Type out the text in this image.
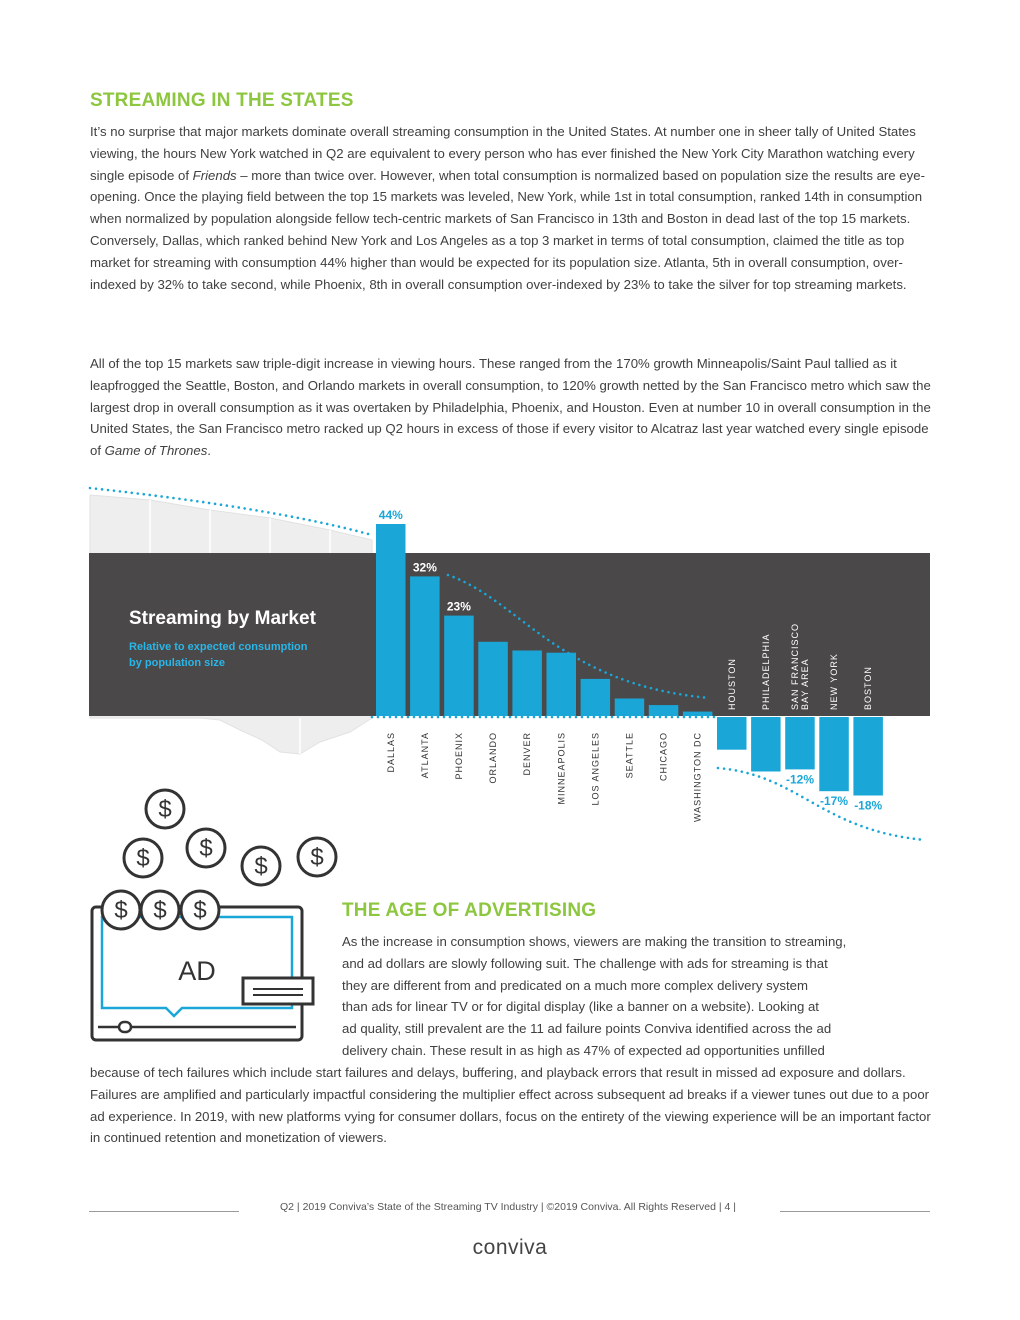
STREAMING IN THE STATES

It’s no surprise that major markets dominate overall streaming consumption in the United States. At number one in sheer tally of United States viewing, the hours New York watched in Q2 are equivalent to every person who has ever finished the New York City Marathon watching every single episode of Friends – more than twice over. However, when total consumption is normalized based on population size the results are eye-opening. Once the playing field between the top 15 markets was leveled, New York, while 1st in total consumption, ranked 14th in consumption when normalized by population alongside fellow tech-centric markets of San Francisco in 13th and Boston in dead last of the top 15 markets. Conversely, Dallas, which ranked behind New York and Los Angeles as a top 3 market in terms of total consumption, claimed the title as top market for streaming with consumption 44% higher than would be expected for its population size. Atlanta, 5th in overall consumption, over-indexed by 32% to take second, while Phoenix, 8th in overall consumption over-indexed by 23% to take the silver for top streaming markets.

All of the top 15 markets saw triple-digit increase in viewing hours. These ranged from the 170% growth Minneapolis/Saint Paul tallied as it leapfrogged the Seattle, Boston, and Orlando markets in overall consumption, to 120% growth netted by the San Francisco metro which saw the largest drop in overall consumption as it was overtaken by Philadelphia, Phoenix, and Houston. Even at number 10 in overall consumption in the United States, the San Francisco metro racked up Q2 hours in excess of those if every visitor to Alcatraz last year watched every single episode of Game of Thrones.

Streaming by Market
Relative to expected consumption
by population size
DALLAS	ATLANTA	PHOENIX	ORLANDO	DENVER	MINNEAPOLIS	LOS ANGELES	SEATTLE	CHICAGO	WASHINGTON DC
HOUSTON	PHILADELPHIA SAN FRANCISCO BAY AREA NEW YORK	BOSTON
44%
32%
23%
-12%
-17% -18%
$
$
$	$ $
AD
$ $ $	THE AGE OF ADVERTISING
As the increase in consumption shows, viewers are making the transition to streaming,
and ad dollars are slowly following suit. The challenge with ads for streaming is that
they are different from and predicated on a much more complex delivery system
than ads for linear TV or for digital display (like a banner on a website). Looking at
ad quality, still prevalent are the 11 ad failure points Conviva identified across the ad
delivery chain. These result in as high as 47% of expected ad opportunities unfilled

because of tech failures which include start failures and delays, buffering, and playback errors that result in missed ad exposure and dollars. Failures are amplified and particularly impactful considering the multiplier effect across subsequent ad breaks if a viewer tunes out due to a poor ad experience. In 2019, with new platforms vying for consumer dollars, focus on the entirety of the viewing experience will be an important factor in continued retention and monetization of viewers.

Q2 | 2019 Conviva’s State of the Streaming TV Industry | ©2019 Conviva. All Rights Reserved | 4 |
conviva
